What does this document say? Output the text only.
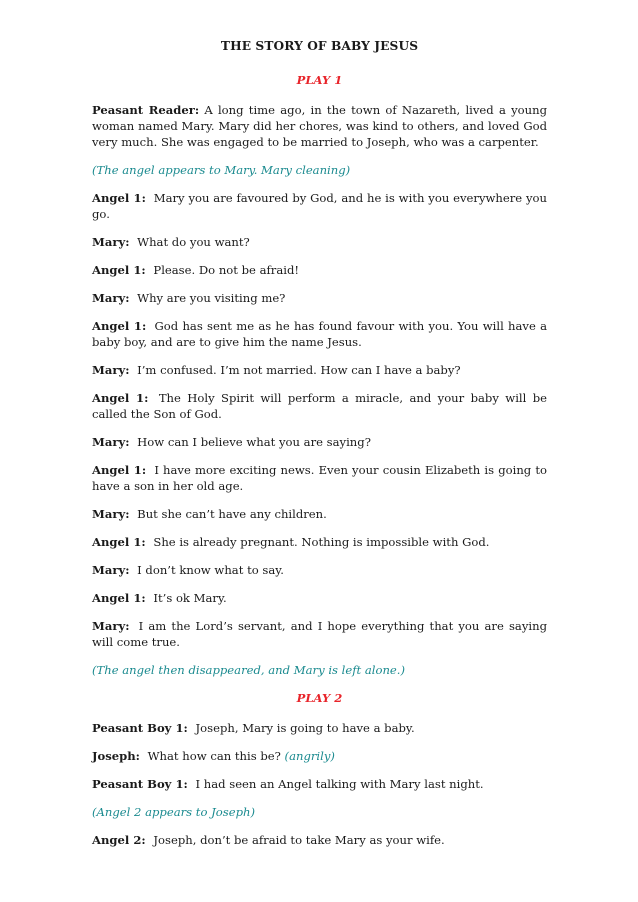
THE STORY OF BABY JESUS
PLAY 1

Peasant Reader: A long time ago, in the town of Nazareth, lived a young woman named Mary. Mary did her chores, was kind to others, and loved God very much. She was engaged to be married to Joseph, who was a carpenter.

(The angel appears to Mary. Mary cleaning)

Angel 1: Mary you are favoured by God, and he is with you everywhere you go.

Mary: What do you want?

Angel 1: Please. Do not be afraid!

Mary: Why are you visiting me?

Angel 1: God has sent me as he has found favour with you. You will have a baby boy, and are to give him the name Jesus.

Mary: I’m confused. I’m not married. How can I have a baby?

Angel 1: The Holy Spirit will perform a miracle, and your baby will be called the Son of God.

Mary: How can I believe what you are saying?

Angel 1: I have more exciting news. Even your cousin Elizabeth is going to have a son in her old age.

Mary: But she can’t have any children.

Angel 1: She is already pregnant. Nothing is impossible with God.

Mary: I don’t know what to say.

Angel 1: It’s ok Mary.

Mary: I am the Lord’s servant, and I hope everything that you are saying will come true.

(The angel then disappeared, and Mary is left alone.)

PLAY 2

Peasant Boy 1: Joseph, Mary is going to have a baby.

Joseph: What how can this be? (angrily)

Peasant Boy 1: I had seen an Angel talking with Mary last night.

(Angel 2 appears to Joseph)

Angel 2: Joseph, don’t be afraid to take Mary as your wife.
